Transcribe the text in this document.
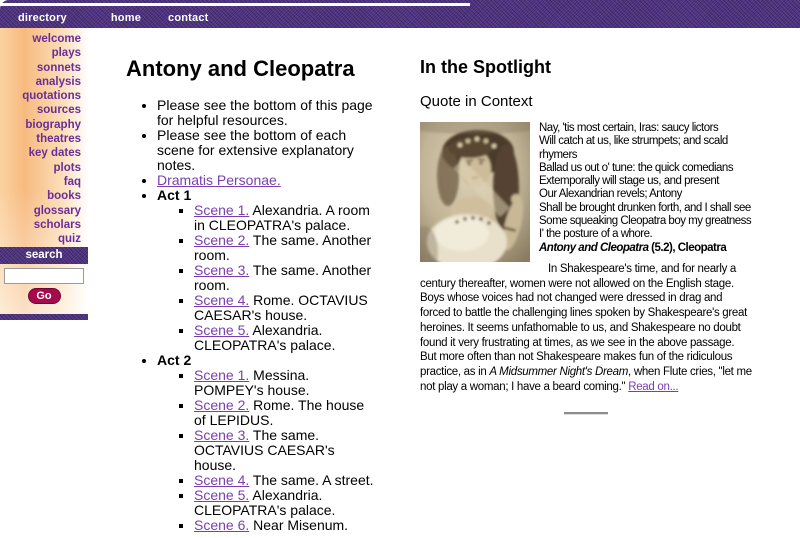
directory	home contact
welcome
plays
sonnets
analysis
quotations
sources
biography
theatres
key dates
plots
faq
books
glossary
scholars
quiz
search
Go
Antony and Cleopatra
• Please see the bottom of this page for helpful resources.
• Please see the bottom of each scene for extensive explanatory notes.
• Dramatis Personae.
• Act 1
▪ Scene 1. Alexandria. A room in CLEOPATRA's palace.
▪ Scene 2. The same. Another room.
▪ Scene 3. The same. Another room.
▪ Scene 4. Rome. OCTAVIUS CAESAR's house.
▪ Scene 5. Alexandria. CLEOPATRA's palace.
• Act 2
▪ Scene 1. Messina. POMPEY's house.
▪ Scene 2. Rome. The house of LEPIDUS.
▪ Scene 3. The same. OCTAVIUS CAESAR's house.
▪ Scene 4. The same. A street.
▪ Scene 5. Alexandria. CLEOPATRA's palace.
▪ Scene 6. Near Misenum.
In the Spotlight
Quote in Context
Nay, 'tis most certain, Iras: saucy lictors
Will catch at us, like strumpets; and scald
rhymers
Ballad us out o' tune: the quick comedians
Extemporally will stage us, and present
Our Alexandrian revels; Antony
Shall be brought drunken forth, and I shall see
Some squeaking Cleopatra boy my greatness
I' the posture of a whore.
Antony and Cleopatra (5.2), Cleopatra

In Shakespeare's time, and for nearly a century thereafter, women were not allowed on the English stage. Boys whose voices had not changed were dressed in drag and forced to battle the challenging lines spoken by Shakespeare's great heroines. It seems unfathomable to us, and Shakespeare no doubt found it very frustrating at times, as we see in the above passage. But more often than not Shakespeare makes fun of the ridiculous practice, as in A Midsummer Night's Dream, when Flute cries, "let me not play a woman; I have a beard coming." Read on...
